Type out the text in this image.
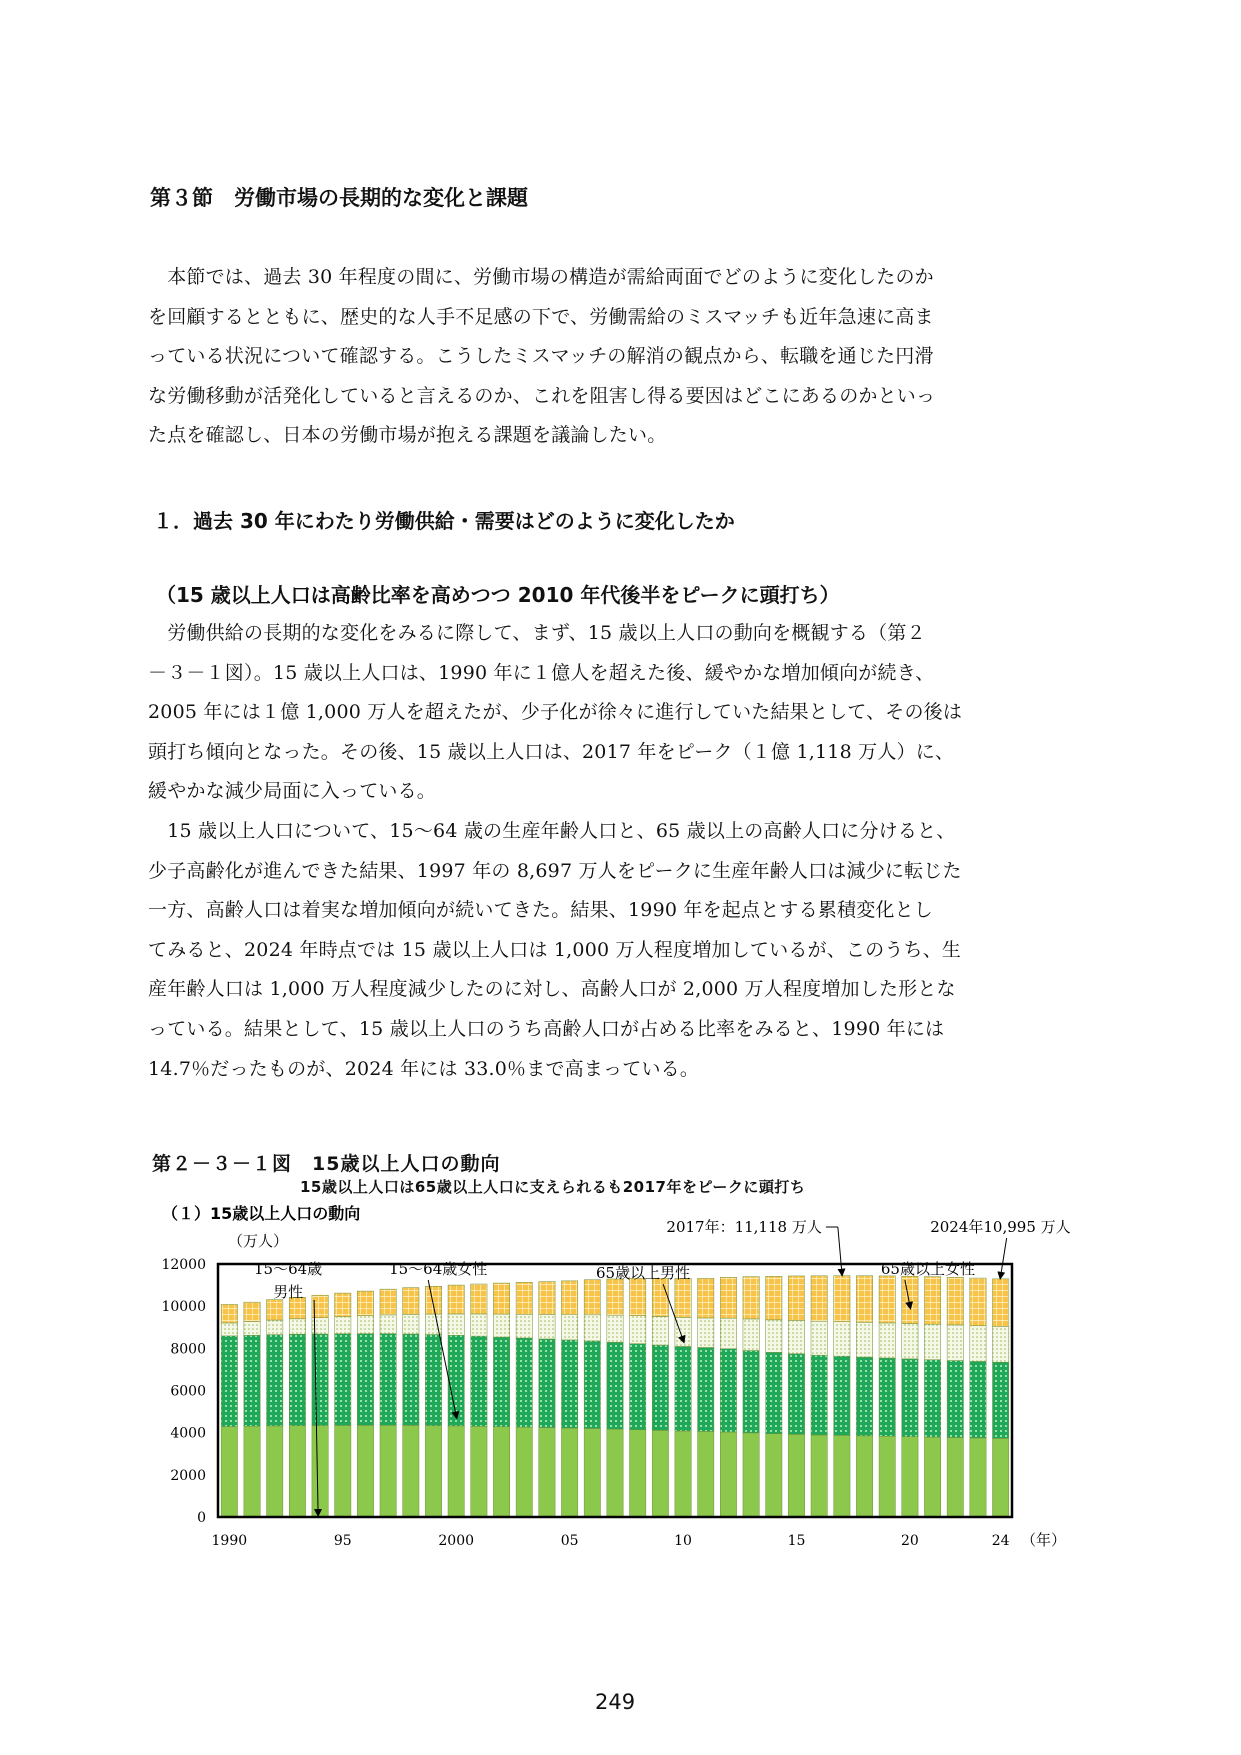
第３節　労働市場の長期的な変化と課題

　本節では、過去 30 年程度の間に、労働市場の構造が需給両面でどのように変化したのか
を回顧するとともに、歴史的な人手不足感の下で、労働需給のミスマッチも近年急速に高ま
っている状況について確認する。こうしたミスマッチの解消の観点から、転職を通じた円滑
な労働移動が活発化していると言えるのか、これを阻害し得る要因はどこにあるのかといっ
た点を確認し、日本の労働市場が抱える課題を議論したい。

１．過去 30 年にわたり労働供給・需要はどのように変化したか
（15 歳以上人口は高齢比率を高めつつ 2010 年代後半をピークに頭打ち）

　労働供給の長期的な変化をみるに際して、まず、15 歳以上人口の動向を概観する（第２
－３－１図）。15 歳以上人口は、1990 年に１億人を超えた後、緩やかな増加傾向が続き、
2005 年には１億 1,000 万人を超えたが、少子化が徐々に進行していた結果として、その後は
頭打ち傾向となった。その後、15 歳以上人口は、2017 年をピーク（１億 1,118 万人）に、
緩やかな減少局面に入っている。

　15 歳以上人口について、15～64 歳の生産年齢人口と、65 歳以上の高齢人口に分けると、
少子高齢化が進んできた結果、1997 年の 8,697 万人をピークに生産年齢人口は減少に転じた
一方、高齢人口は着実な増加傾向が続いてきた。結果、1990 年を起点とする累積変化とし
てみると、2024 年時点では 15 歳以上人口は 1,000 万人程度増加しているが、このうち、生
産年齢人口は 1,000 万人程度減少したのに対し、高齢人口が 2,000 万人程度増加した形とな
っている。結果として、15 歳以上人口のうち高齢人口が占める比率をみると、1990 年には
14.7％だったものが、2024 年には 33.0％まで高まっている。

第２－３－１図　15歳以上人口の動向
15歳以上人口は65歳以上人口に支えられるも2017年をピークに頭打ち
（１）15歳以上人口の動向
（万人）
（年）
0
2000
4000
6000
8000
10000
12000
1990	95	2000	05	10	15	20	24
2017年：11,118 万人	2024年10,995 万人
15～64歳
男性
15～64歳女性	65歳以上男性	65歳以上女性
249
